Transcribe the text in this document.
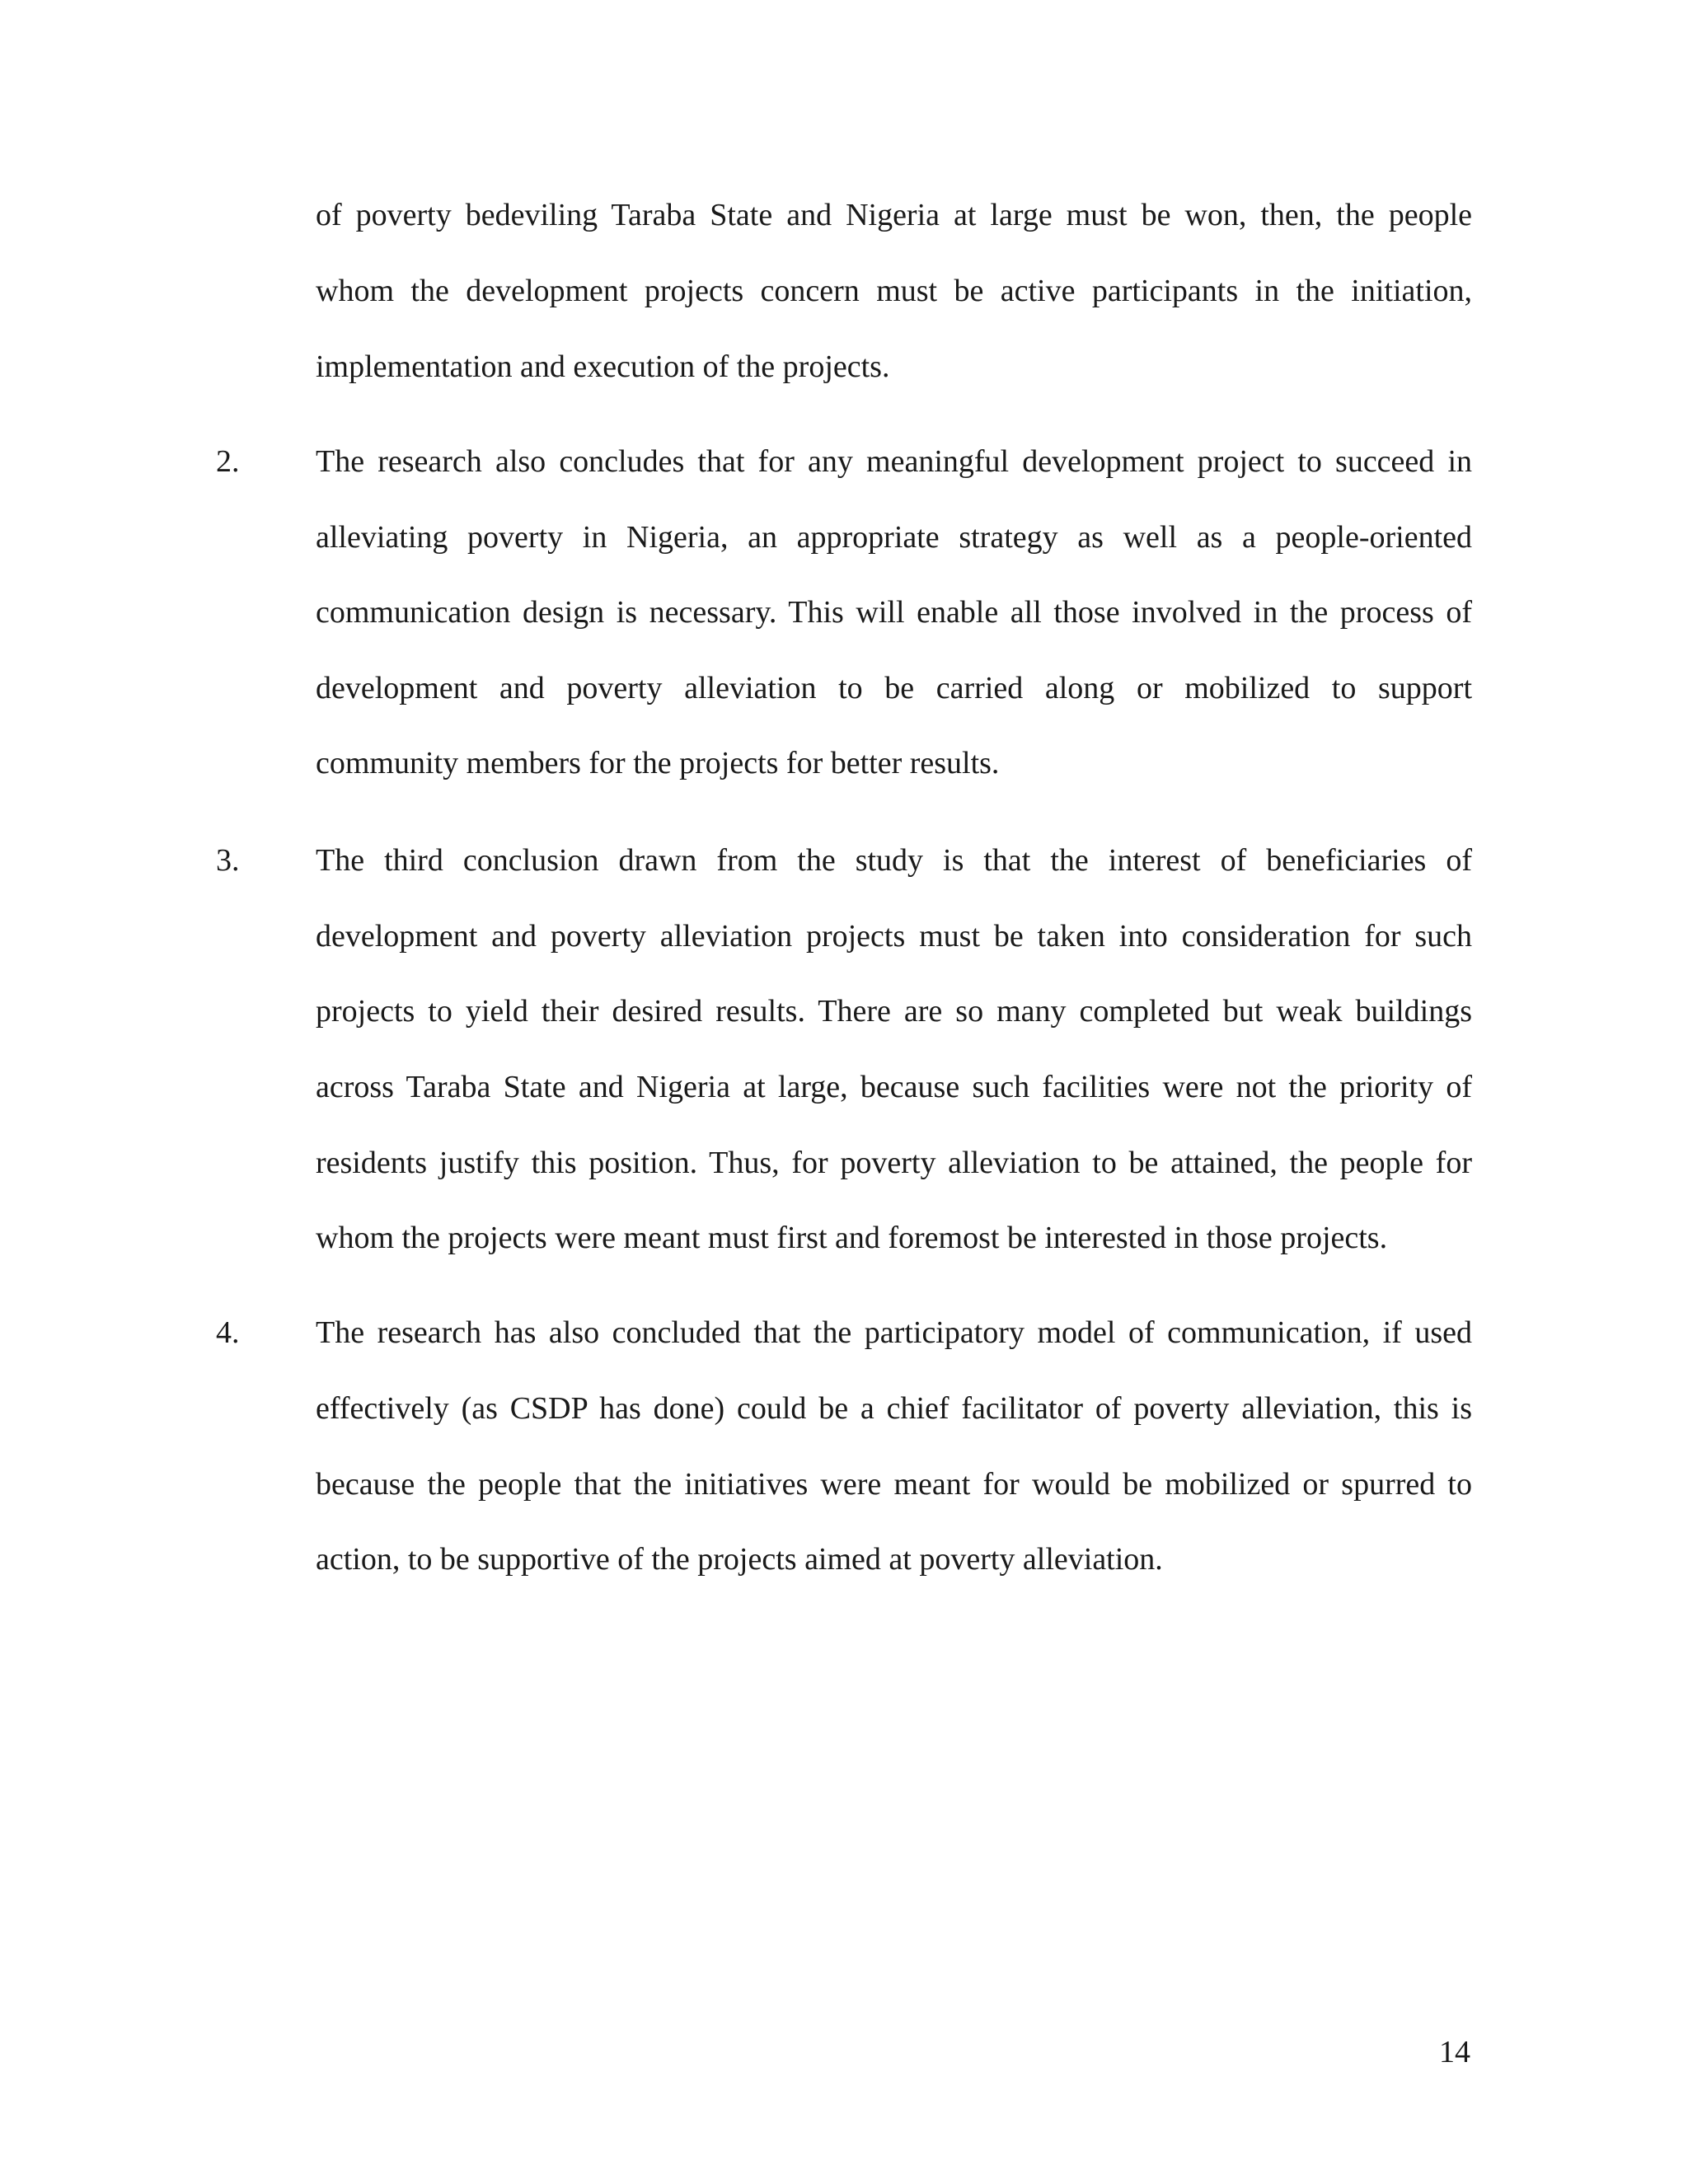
of poverty bedeviling Taraba State and Nigeria at large must be won, then, the people
whom the development projects concern must be active participants in the initiation,
implementation and execution of the projects.
2. The research also concludes that for any meaningful development project to succeed in
alleviating poverty in Nigeria, an appropriate strategy as well as a people-oriented
communication design is necessary. This will enable all those involved in the process of
development and poverty alleviation to be carried along or mobilized to support
community members for the projects for better results.
3. The third conclusion drawn from the study is that the interest of beneficiaries of
development and poverty alleviation projects must be taken into consideration for such
projects to yield their desired results. There are so many completed but weak buildings
across Taraba State and Nigeria at large, because such facilities were not the priority of
residents justify this position. Thus, for poverty alleviation to be attained, the people for
whom the projects were meant must first and foremost be interested in those projects.
4. The research has also concluded that the participatory model of communication, if used
effectively (as CSDP has done) could be a chief facilitator of poverty alleviation, this is
because the people that the initiatives were meant for would be mobilized or spurred to
action, to be supportive of the projects aimed at poverty alleviation.
14
